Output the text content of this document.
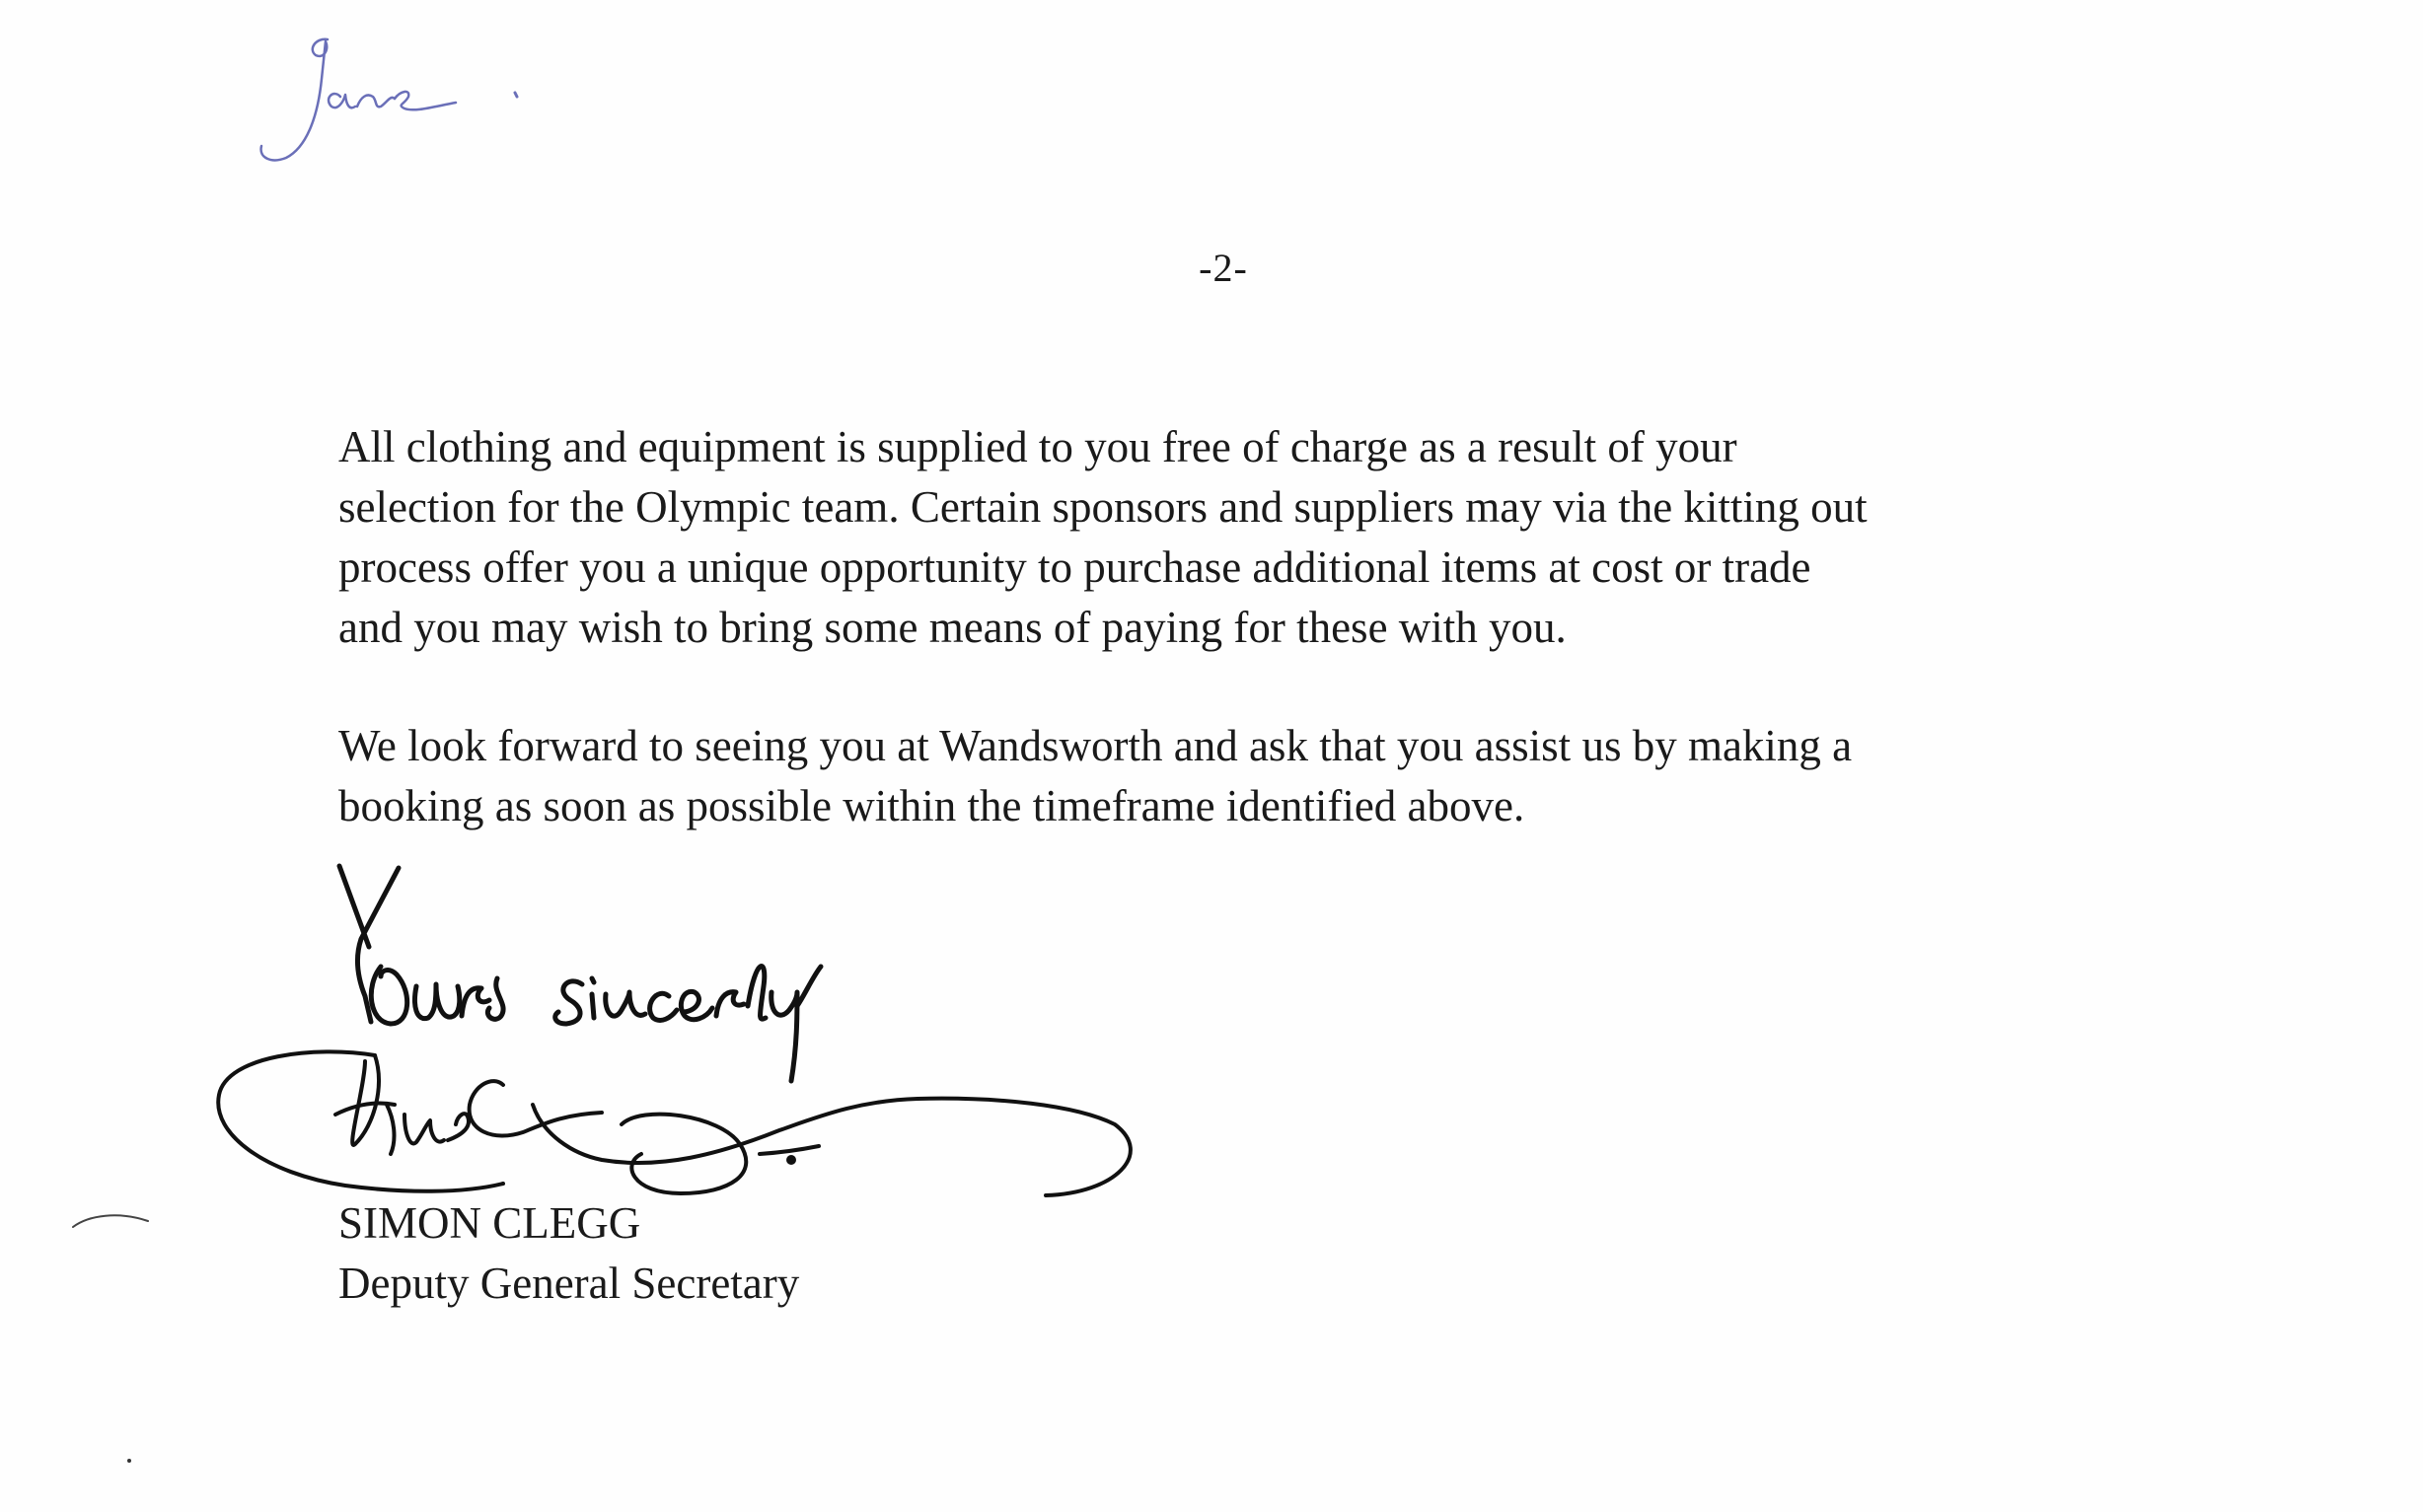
-2-

All clothing and equipment is supplied to you free of charge as a result of your
selection for the Olympic team. Certain sponsors and suppliers may via the kitting out
process offer you a unique opportunity to purchase additional items at cost or trade
and you may wish to bring some means of paying for these with you.

We look forward to seeing you at Wandsworth and ask that you assist us by making a
booking as soon as possible within the timeframe identified above.

SIMON CLEGG

Deputy General Secretary
